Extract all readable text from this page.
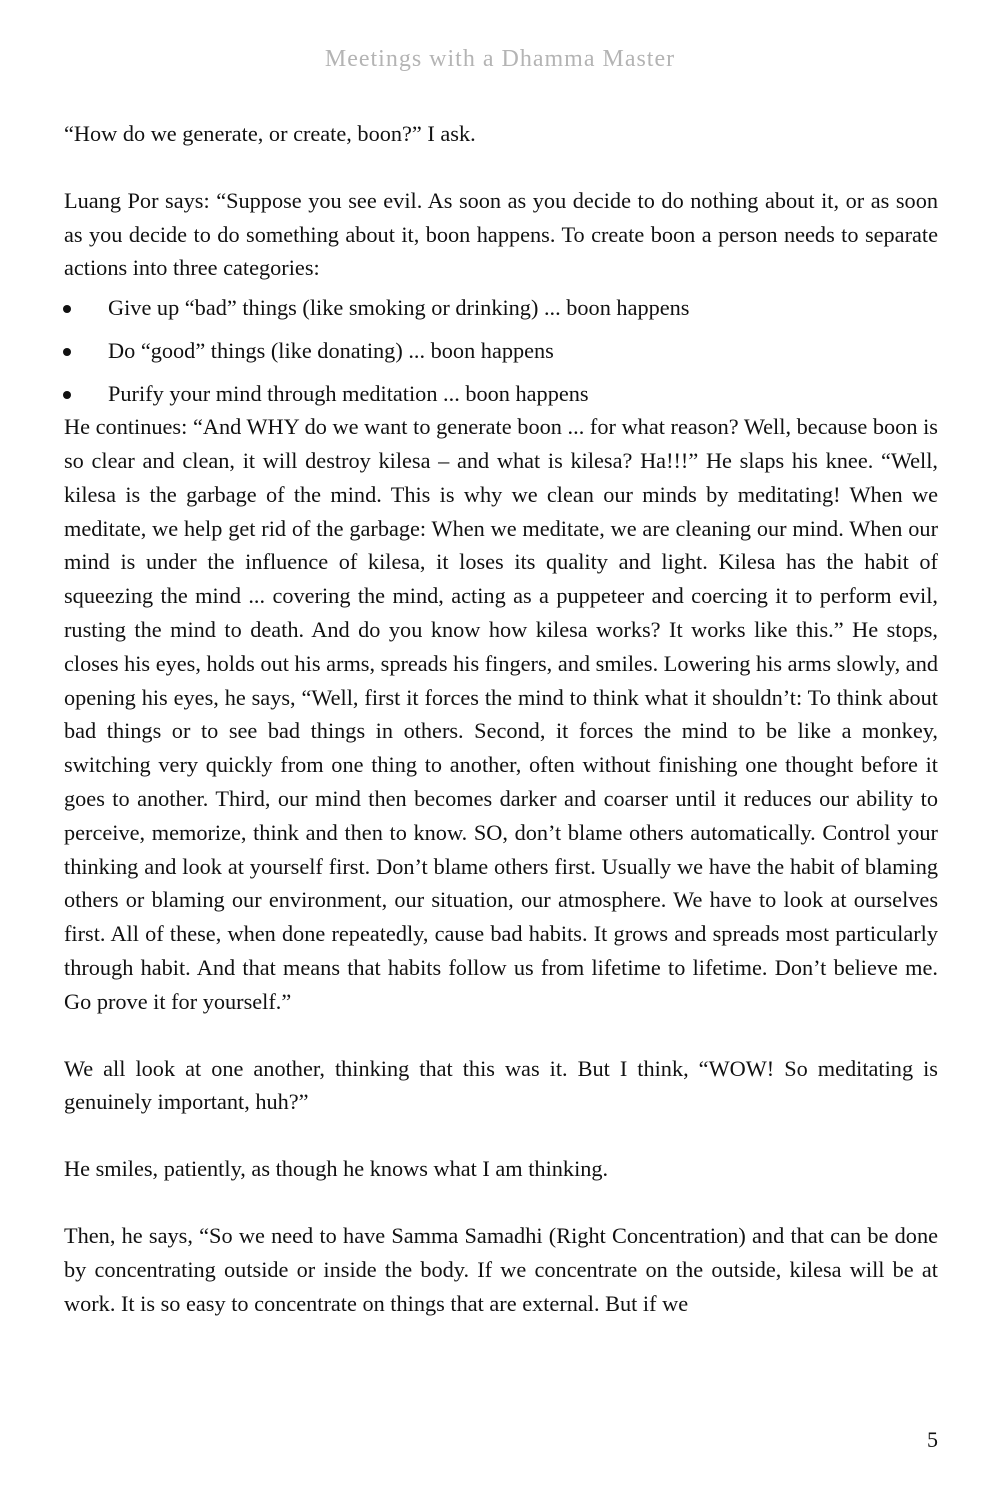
Meetings with a Dhamma Master

“How do we generate, or create, boon?” I ask.

Luang Por says: “Suppose you see evil. As soon as you decide to do nothing about it, or as soon as you decide to do something about it, boon happens. To create boon a person needs to separate actions into three categories:

Give up “bad” things (like smoking or drinking) ... boon happens
Do “good” things (like donating) ... boon happens
Purify your mind through meditation ... boon happens

He continues: “And WHY do we want to generate boon ... for what reason? Well, because boon is so clear and clean, it will destroy kilesa – and what is kilesa? Ha!!!” He slaps his knee. “Well, kilesa is the garbage of the mind. This is why we clean our minds by meditating! When we meditate, we help get rid of the garbage: When we meditate, we are cleaning our mind. When our mind is under the influence of kilesa, it loses its quality and light. Kilesa has the habit of squeezing the mind ... covering the mind, acting as a puppeteer and coercing it to perform evil, rusting the mind to death. And do you know how kilesa works? It works like this.” He stops, closes his eyes, holds out his arms, spreads his fingers, and smiles. Lowering his arms slowly, and opening his eyes, he says, “Well, first it forces the mind to think what it shouldn’t: To think about bad things or to see bad things in others. Second, it forces the mind to be like a monkey, switching very quickly from one thing to another, often without finishing one thought before it goes to another. Third, our mind then becomes darker and coarser until it reduces our ability to perceive, memorize, think and then to know. SO, don’t blame others automatically. Control your thinking and look at yourself first. Don’t blame others first. Usually we have the habit of blaming others or blaming our environment, our situation, our atmosphere. We have to look at ourselves first. All of these, when done repeatedly, cause bad habits. It grows and spreads most particularly through habit. And that means that habits follow us from lifetime to lifetime. Don’t believe me. Go prove it for yourself.”

We all look at one another, thinking that this was it. But I think, “WOW! So meditating is genuinely important, huh?”

He smiles, patiently, as though he knows what I am thinking.

Then, he says, “So we need to have Samma Samadhi (Right Concentration) and that can be done by concentrating outside or inside the body. If we concentrate on the outside, kilesa will be at work. It is so easy to concentrate on things that are external. But if we

5
